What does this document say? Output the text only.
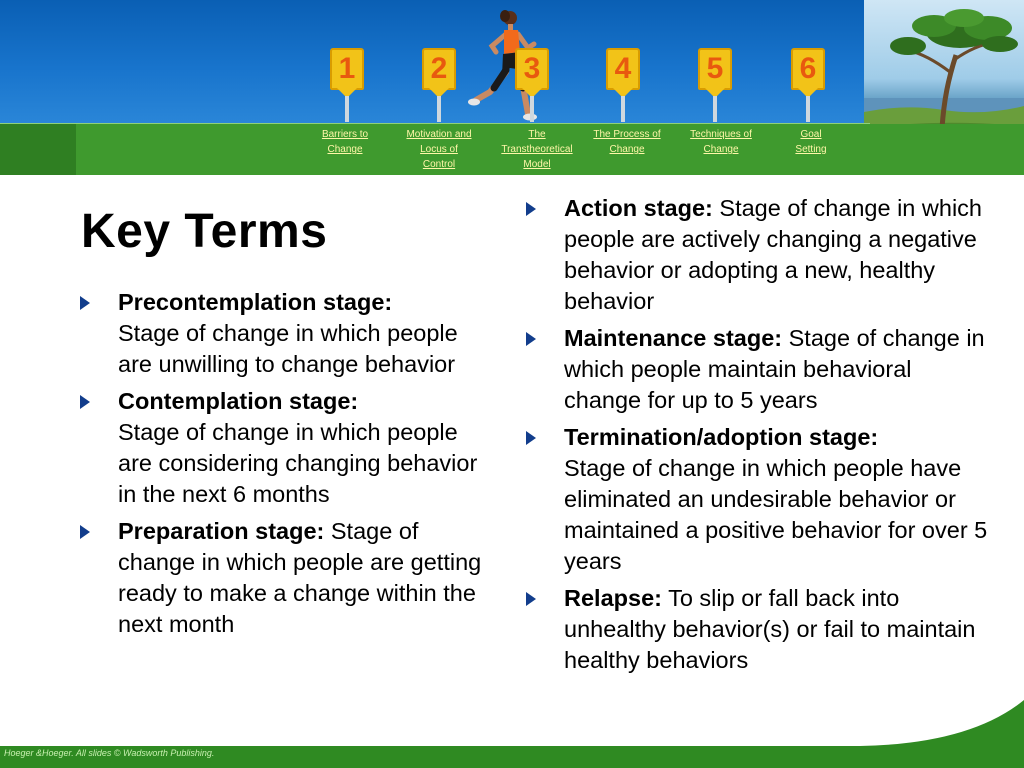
1	2	3 4	5	6
Barriers to
Change
Motivation and
Locus of
Control
The
Transtheoretical
Model
The Process of
Change
Techniques of
Change
Goal
Setting
Key Terms
Precontemplation stage:
Stage of change in which people are unwilling to change behavior
Contemplation stage:
Stage of change in which people are considering changing behavior in the next 6 months
Preparation stage: Stage of change in which people are getting ready to make a change within the next month
Action stage: Stage of change in which people are actively changing a negative behavior or adopting a new, healthy behavior
Maintenance stage: Stage of change in which people maintain behavioral change for up to 5 years
Termination/adoption stage:
Stage of change in which people have eliminated an undesirable behavior or maintained a positive behavior for over 5 years
Relapse: To slip or fall back into unhealthy behavior(s) or fail to maintain healthy behaviors
Hoeger &Hoeger. All slides © Wadsworth Publishing.
